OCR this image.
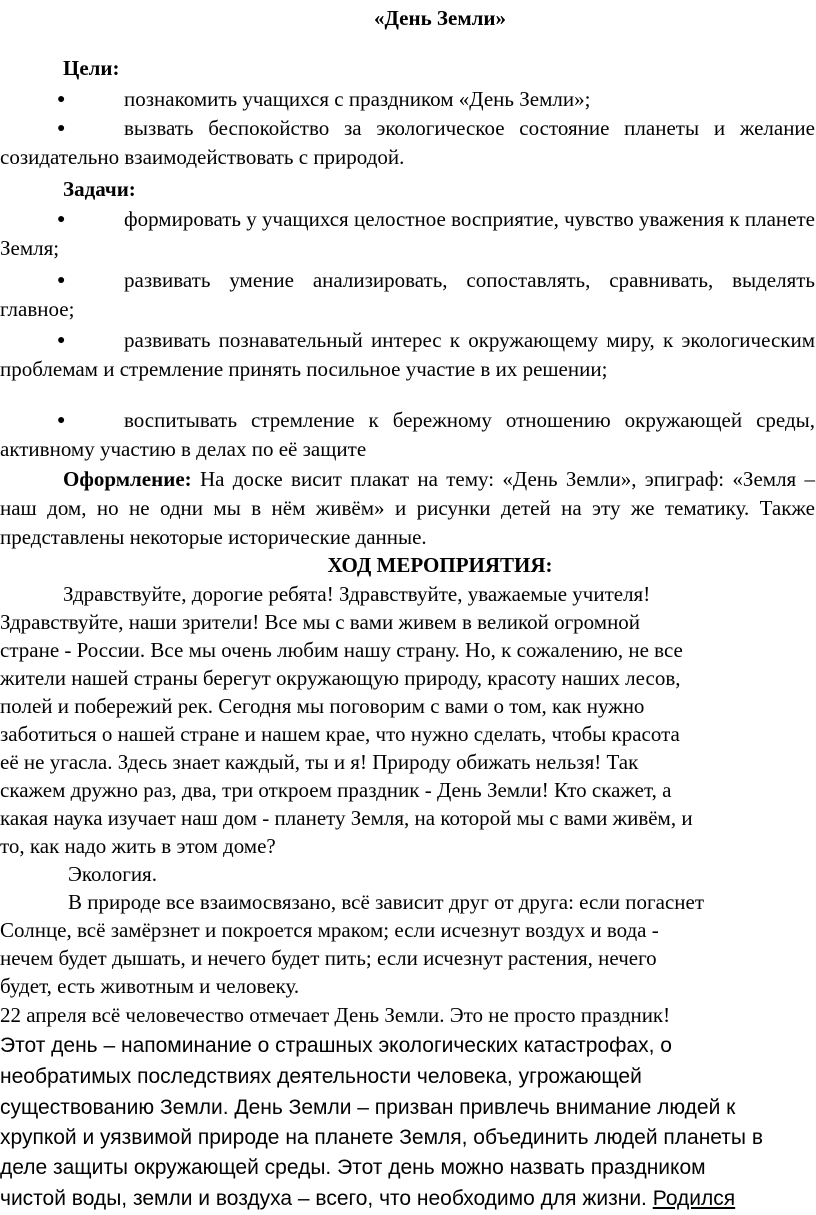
«День Земли»
Цели:
●	познакомить учащихся с праздником «День Земли»;
●	вызвать беспокойство за экологическое состояние планеты и желание созидательно взаимодействовать с природой.
Задачи:
●	формировать у учащихся целостное восприятие, чувство уважения к планете Земля;
●	развивать умение анализировать, сопоставлять, сравнивать, выделять главное;
●	развивать познавательный интерес к окружающему миру, к экологическим проблемам и стремление принять посильное участие в их решении;
●	воспитывать стремление к бережному отношению окружающей среды, активному участию в делах по её защите
Оформление: На доске висит плакат на тему: «День Земли», эпиграф: «Земля – наш дом, но не одни мы в нём живём» и рисунки детей на эту же тематику. Также представлены некоторые исторические данные.
ХОД МЕРОПРИЯТИЯ:
Здравствуйте, дорогие ребята! Здравствуйте, уважаемые учителя!
Здравствуйте, наши зрители! Все мы с вами живем в великой огромной
стране - России. Все мы очень любим нашу страну. Но, к сожалению, не все
жители нашей страны берегут окружающую природу, красоту наших лесов,
полей и побережий рек. Сегодня мы поговорим с вами о том, как нужно
заботиться о нашей стране и нашем крае, что нужно сделать, чтобы красота
её не угасла. Здесь знает каждый, ты и я! Природу обижать нельзя! Так
скажем дружно раз, два, три откроем праздник - День Земли! Кто скажет, а
какая наука изучает наш дом - планету Земля, на которой мы с вами живём, и
то, как надо жить в этом доме?
Экология.
В природе все взаимосвязано, всё зависит друг от друга: если погаснет
Солнце, всё замёрзнет и покроется мраком; если исчезнут воздух и вода -
нечем будет дышать, и нечего будет пить; если исчезнут растения, нечего
будет, есть животным и человеку.
22 апреля всё человечество отмечает День Земли. Это не просто праздник!
Этот день – напоминание о страшных экологических катастрофах, о
необратимых последствиях деятельности человека, угрожающей
существованию Земли. День Земли – призван привлечь внимание людей к
хрупкой и уязвимой природе на планете Земля, объединить людей планеты в
деле защиты окружающей среды. Этот день можно назвать праздником
чистой воды, земли и воздуха – всего, что необходимо для жизни. Родился
